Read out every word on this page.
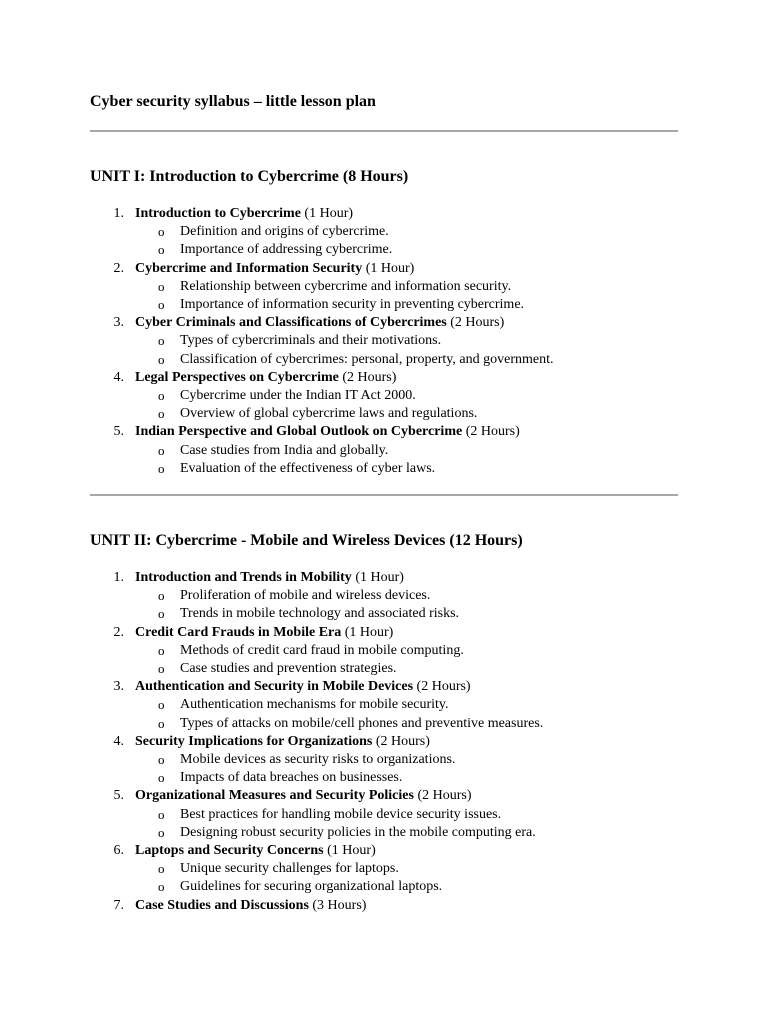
Cyber security syllabus – little lesson plan
UNIT I: Introduction to Cybercrime (8 Hours)
1. Introduction to Cybercrime (1 Hour)
o Definition and origins of cybercrime.
o Importance of addressing cybercrime.
2. Cybercrime and Information Security (1 Hour)
o Relationship between cybercrime and information security.
o Importance of information security in preventing cybercrime.
3. Cyber Criminals and Classifications of Cybercrimes (2 Hours)
o Types of cybercriminals and their motivations.
o Classification of cybercrimes: personal, property, and government.
4. Legal Perspectives on Cybercrime (2 Hours)
o Cybercrime under the Indian IT Act 2000.
o Overview of global cybercrime laws and regulations.
5. Indian Perspective and Global Outlook on Cybercrime (2 Hours)
o Case studies from India and globally.
o Evaluation of the effectiveness of cyber laws.
UNIT II: Cybercrime - Mobile and Wireless Devices (12 Hours)
1. Introduction and Trends in Mobility (1 Hour)
o Proliferation of mobile and wireless devices.
o Trends in mobile technology and associated risks.
2. Credit Card Frauds in Mobile Era (1 Hour)
o Methods of credit card fraud in mobile computing.
o Case studies and prevention strategies.
3. Authentication and Security in Mobile Devices (2 Hours)
o Authentication mechanisms for mobile security.
o Types of attacks on mobile/cell phones and preventive measures.
4. Security Implications for Organizations (2 Hours)
o Mobile devices as security risks to organizations.
o Impacts of data breaches on businesses.
5. Organizational Measures and Security Policies (2 Hours)
o Best practices for handling mobile device security issues.
o Designing robust security policies in the mobile computing era.
6. Laptops and Security Concerns (1 Hour)
o Unique security challenges for laptops.
o Guidelines for securing organizational laptops.
7. Case Studies and Discussions (3 Hours)
